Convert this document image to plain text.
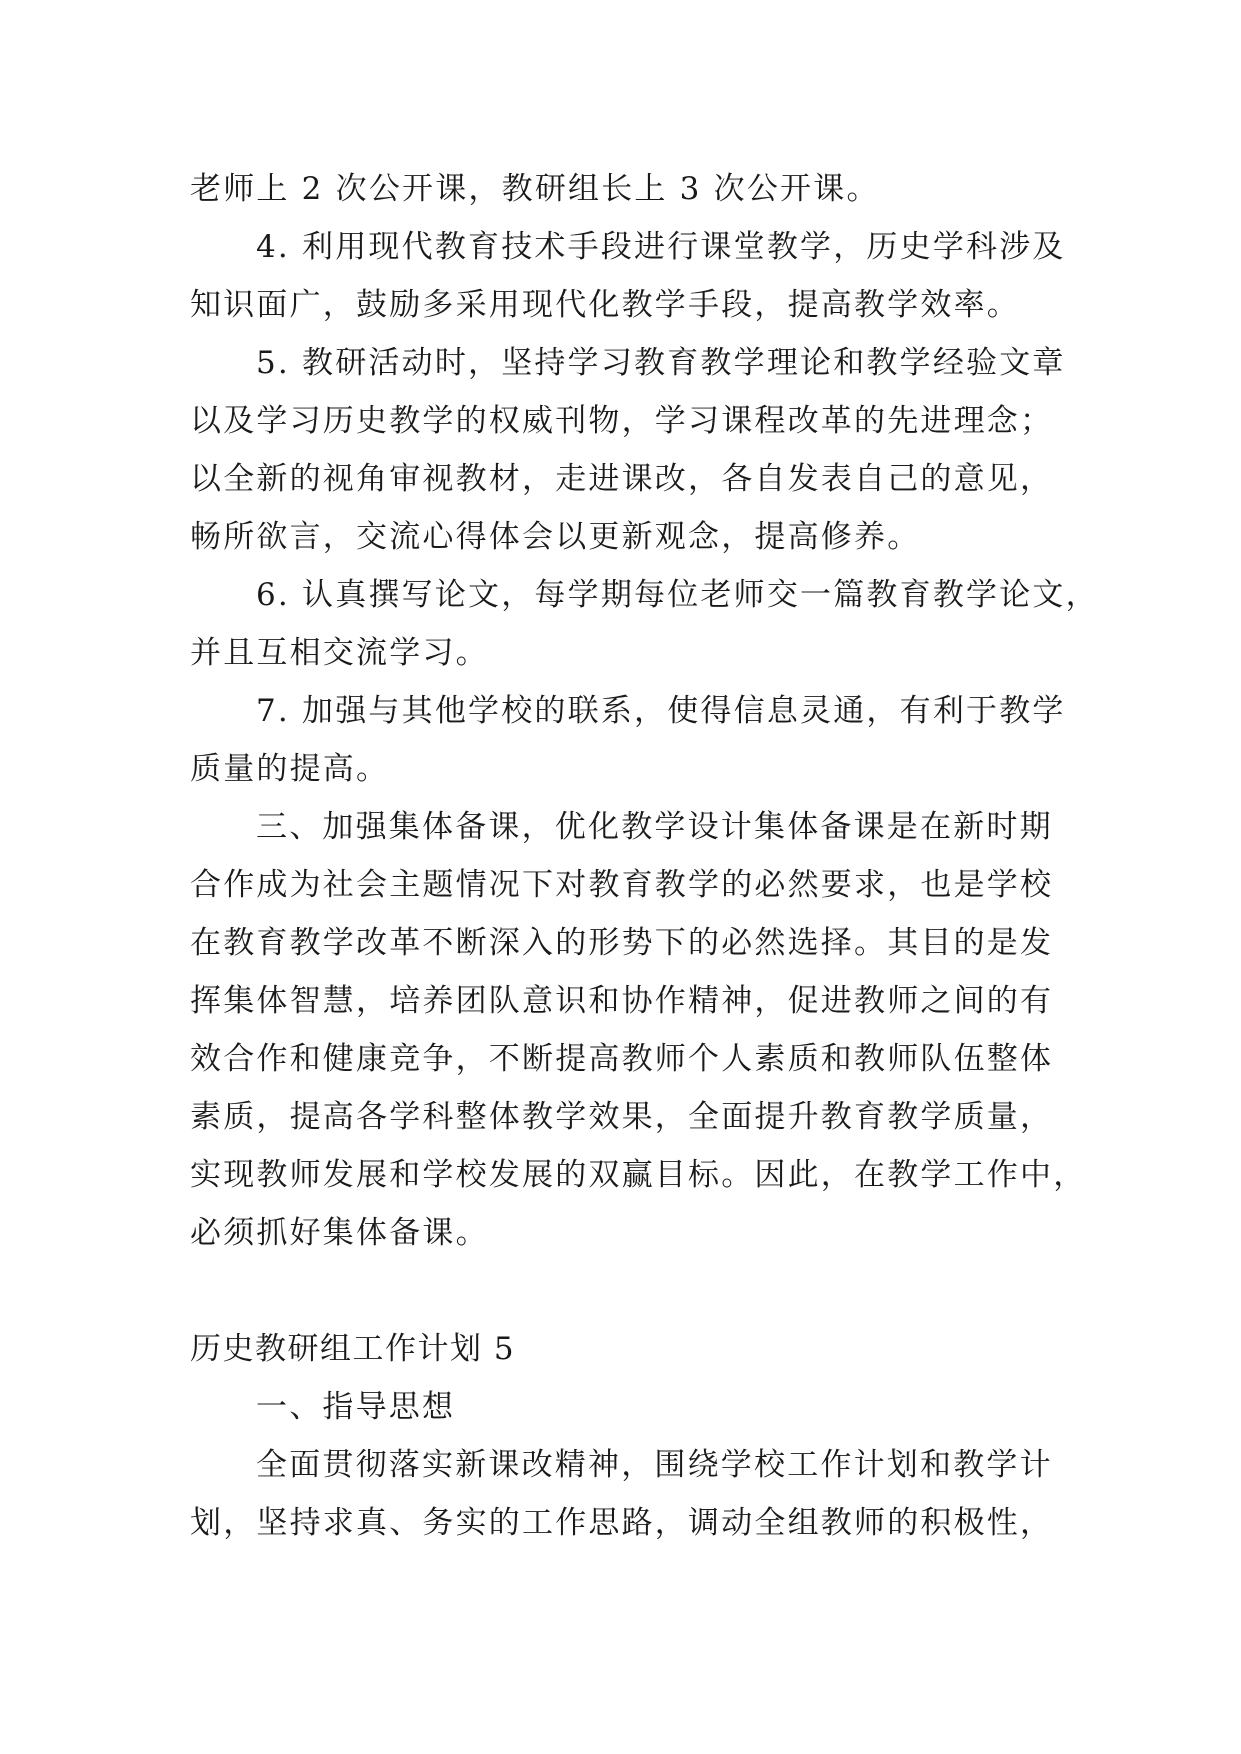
老师上 2 次公开课，教研组长上 3 次公开课。
4. 利用现代教育技术手段进行课堂教学，历史学科涉及
知识面广，鼓励多采用现代化教学手段，提高教学效率。
5. 教研活动时，坚持学习教育教学理论和教学经验文章
以及学习历史教学的权威刊物，学习课程改革的先进理念；
以全新的视角审视教材，走进课改，各自发表自己的意见，
畅所欲言，交流心得体会以更新观念，提高修养。
6. 认真撰写论文，每学期每位老师交一篇教育教学论文，
并且互相交流学习。
7. 加强与其他学校的联系，使得信息灵通，有利于教学
质量的提高。
三、加强集体备课，优化教学设计集体备课是在新时期
合作成为社会主题情况下对教育教学的必然要求，也是学校
在教育教学改革不断深入的形势下的必然选择。其目的是发
挥集体智慧，培养团队意识和协作精神，促进教师之间的有
效合作和健康竞争，不断提高教师个人素质和教师队伍整体
素质，提高各学科整体教学效果，全面提升教育教学质量，
实现教师发展和学校发展的双赢目标。因此，在教学工作中，
必须抓好集体备课。
历史教研组工作计划 5
一、指导思想
全面贯彻落实新课改精神，围绕学校工作计划和教学计
划，坚持求真、务实的工作思路，调动全组教师的积极性，
